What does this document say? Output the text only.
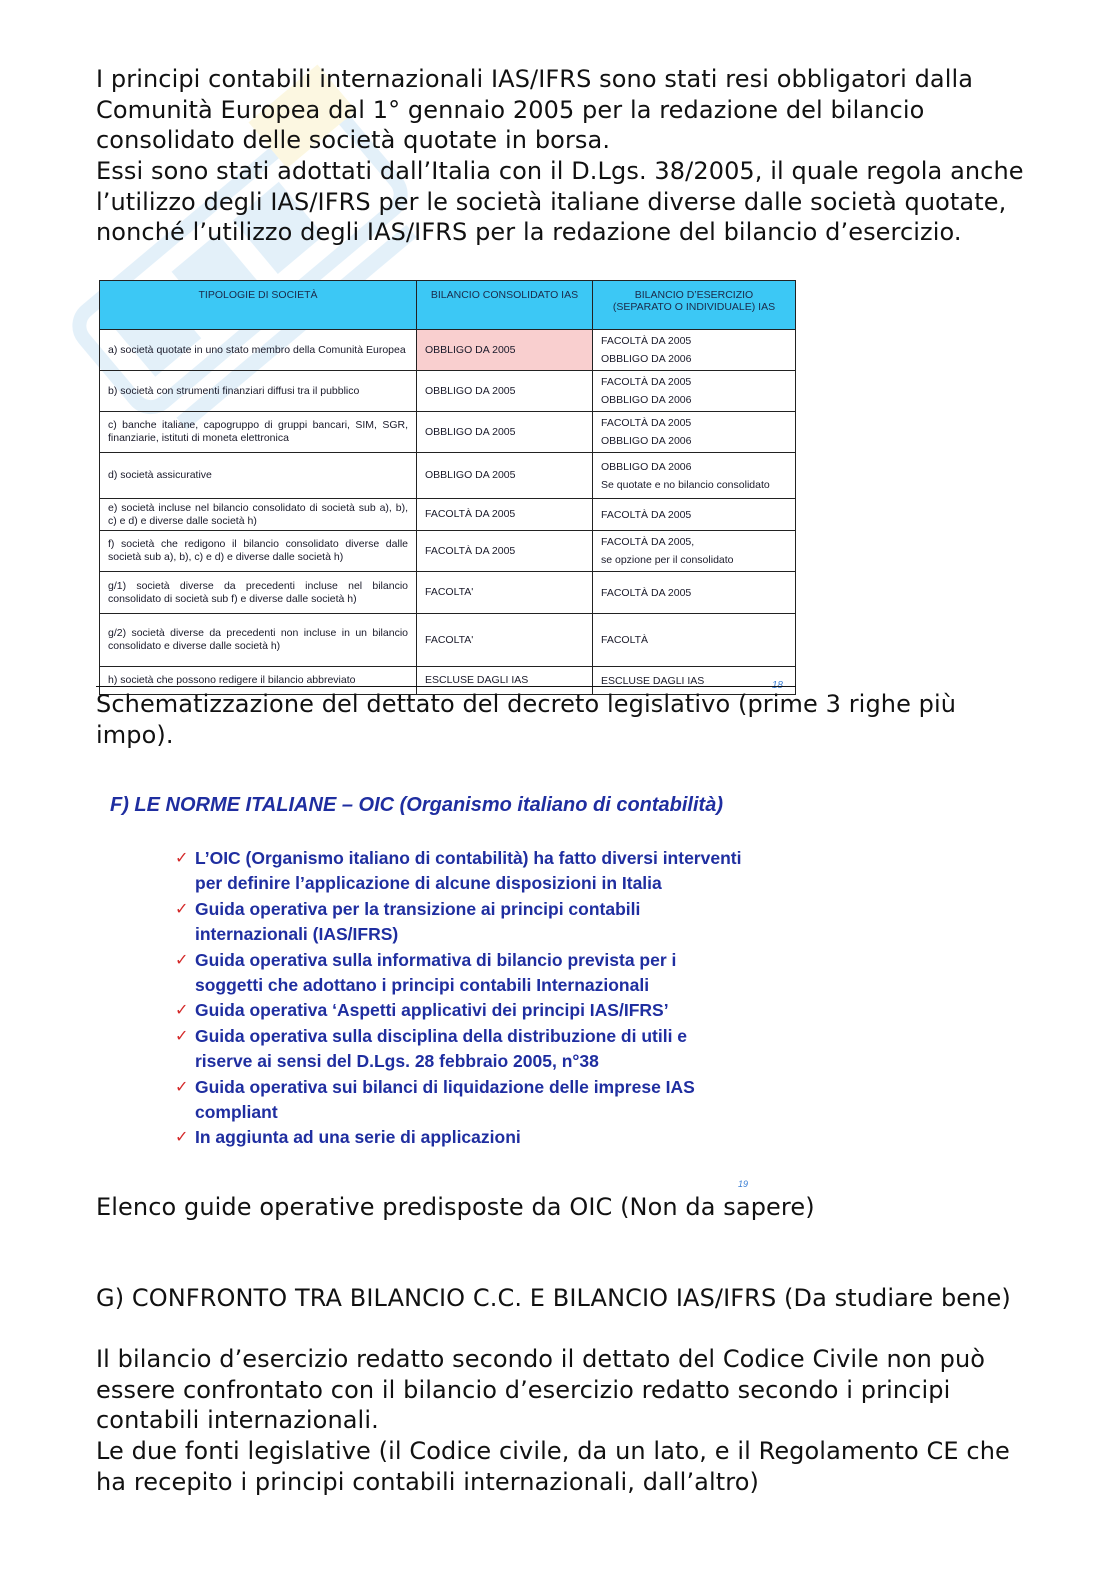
I principi contabili internazionali IAS/IFRS sono stati resi obbligatori dalla Comunità Europea dal 1° gennaio 2005 per la redazione del bilancio consolidato delle società quotate in borsa.

Essi sono stati adottati dall’Italia con il D.Lgs. 38/2005, il quale regola anche l’utilizzo degli IAS/IFRS per le società italiane diverse dalle società quotate, nonché l’utilizzo degli IAS/IFRS per la redazione del bilancio d’esercizio.

TIPOLOGIE DI SOCIETÀ	BILANCIO CONSOLIDATO IAS	BILANCIO D’ESERCIZIO
(SEPARATO O INDIVIDUALE) IAS
a) società quotate in uno stato membro della Comunità Europea	OBBLIGO DA 2005	FACOLTÀ DA 2005
OBBLIGO DA 2006

b) società con strumenti finanziari diffusi tra il pubblico	OBBLIGO DA 2005	FACOLTÀ DA 2005
OBBLIGO DA 2006

c) banche italiane, capogruppo di gruppi bancari, SIM, SGR, finanziarie, istituti di moneta elettronica	OBBLIGO DA 2005	FACOLTÀ DA 2005
OBBLIGO DA 2006

d) società assicurative	OBBLIGO DA 2005	OBBLIGO DA 2006
Se quotate e no bilancio consolidato

e) società incluse nel bilancio consolidato di società sub a), b), c) e d) e diverse dalle società h)	FACOLTÀ DA 2005	FACOLTÀ DA 2005

f) società che redigono il bilancio consolidato diverse dalle società sub a), b), c) e d) e diverse dalle società h)	FACOLTÀ DA 2005	FACOLTÀ DA 2005,
se opzione per il consolidato

g/1) società diverse da precedenti incluse nel bilancio consolidato di società sub f) e diverse dalle società h)	FACOLTA'	FACOLTÀ DA 2005

g/2) società diverse da precedenti non incluse in un bilancio consolidato e diverse dalle società h)	FACOLTA'	FACOLTÀ

h) società che possono redigere il bilancio abbreviato	ESCLUSE DAGLI IAS	ESCLUSE DAGLI IAS

Schematizzazione del dettato del decreto legislativo (prime 3 righe più impo).

F) LE NORME ITALIANE – OIC (Organismo italiano di contabilità)

✓ L’OIC (Organismo italiano di contabilità) ha fatto diversi interventi per definire l’applicazione di alcune disposizioni in Italia
✓ Guida operativa per la transizione ai principi contabili internazionali (IAS/IFRS)
✓ Guida operativa sulla informativa di bilancio prevista per i soggetti che adottano i principi contabili Internazionali
✓ Guida operativa ‘Aspetti applicativi dei principi IAS/IFRS’
✓ Guida operativa sulla disciplina della distribuzione di utili e riserve ai sensi del D.Lgs. 28 febbraio 2005, n°38
✓ Guida operativa sui bilanci di liquidazione delle imprese IAS compliant
✓ In aggiunta ad una serie di applicazioni
19

Elenco guide operative predisposte da OIC (Non da sapere)

G) CONFRONTO TRA BILANCIO C.C. E BILANCIO IAS/IFRS (Da studiare bene)

Il bilancio d’esercizio redatto secondo il dettato del Codice Civile non può essere confrontato con il bilancio d’esercizio redatto secondo i principi contabili internazionali.

Le due fonti legislative (il Codice civile, da un lato, e il Regolamento CE che ha recepito i principi contabili internazionali, dall’altro)
